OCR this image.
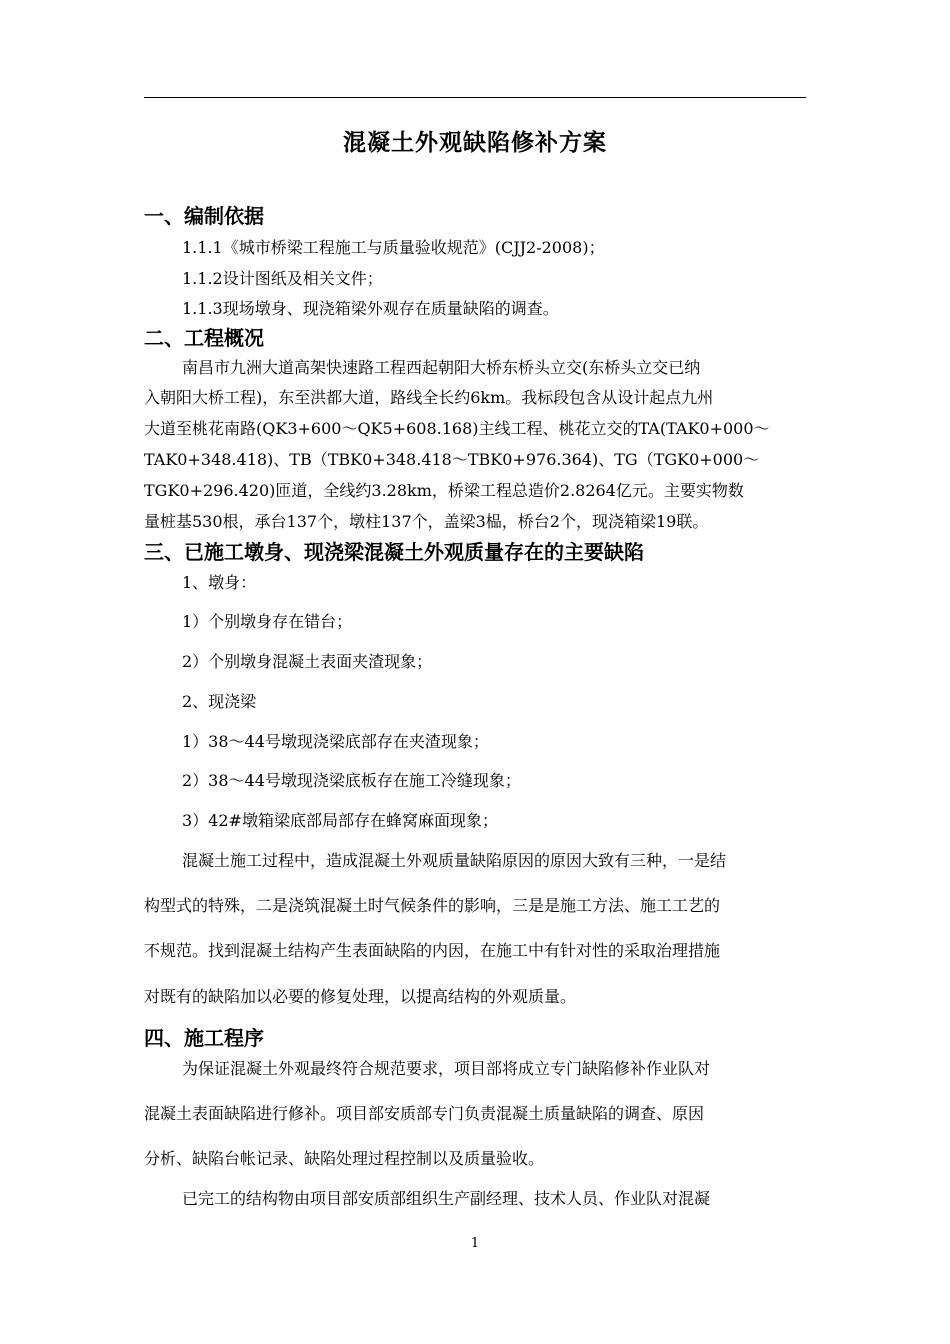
混凝土外观缺陷修补方案
一、编制依据
1.1.1《城市桥梁工程施工与质量验收规范》(CJJ2-2008)；
1.1.2设计图纸及相关文件；
1.1.3现场墩身、现浇箱梁外观存在质量缺陷的调查。
二、工程概况
南昌市九洲大道高架快速路工程西起朝阳大桥东桥头立交(东桥头立交已纳
入朝阳大桥工程)，东至洪都大道，路线全长约6km。我标段包含从设计起点九州
大道至桃花南路(QK3+600～QK5+608.168)主线工程、桃花立交的TA(TAK0+000～
TAK0+348.418)、TB（TBK0+348.418～TBK0+976.364)、TG（TGK0+000～
TGK0+296.420)匝道，全线约3.28km，桥梁工程总造价2.8264亿元。主要实物数
量桩基530根，承台137个，墩柱137个，盖梁3榀，桥台2个，现浇箱梁19联。
三、已施工墩身、现浇梁混凝土外观质量存在的主要缺陷
1、墩身：
1）个别墩身存在错台；
2）个别墩身混凝土表面夹渣现象；
2、现浇梁
1）38～44号墩现浇梁底部存在夹渣现象；
2）38～44号墩现浇梁底板存在施工冷缝现象；
3）42#墩箱梁底部局部存在蜂窝麻面现象；
混凝土施工过程中，造成混凝土外观质量缺陷原因的原因大致有三种，一是结
构型式的特殊，二是浇筑混凝土时气候条件的影响，三是是施工方法、施工工艺的
不规范。找到混凝土结构产生表面缺陷的内因，在施工中有针对性的采取治理措施
对既有的缺陷加以必要的修复处理，以提高结构的外观质量。
四、施工程序
为保证混凝土外观最终符合规范要求，项目部将成立专门缺陷修补作业队对
混凝土表面缺陷进行修补。项目部安质部专门负责混凝土质量缺陷的调查、原因
分析、缺陷台帐记录、缺陷处理过程控制以及质量验收。
已完工的结构物由项目部安质部组织生产副经理、技术人员、作业队对混凝
1
